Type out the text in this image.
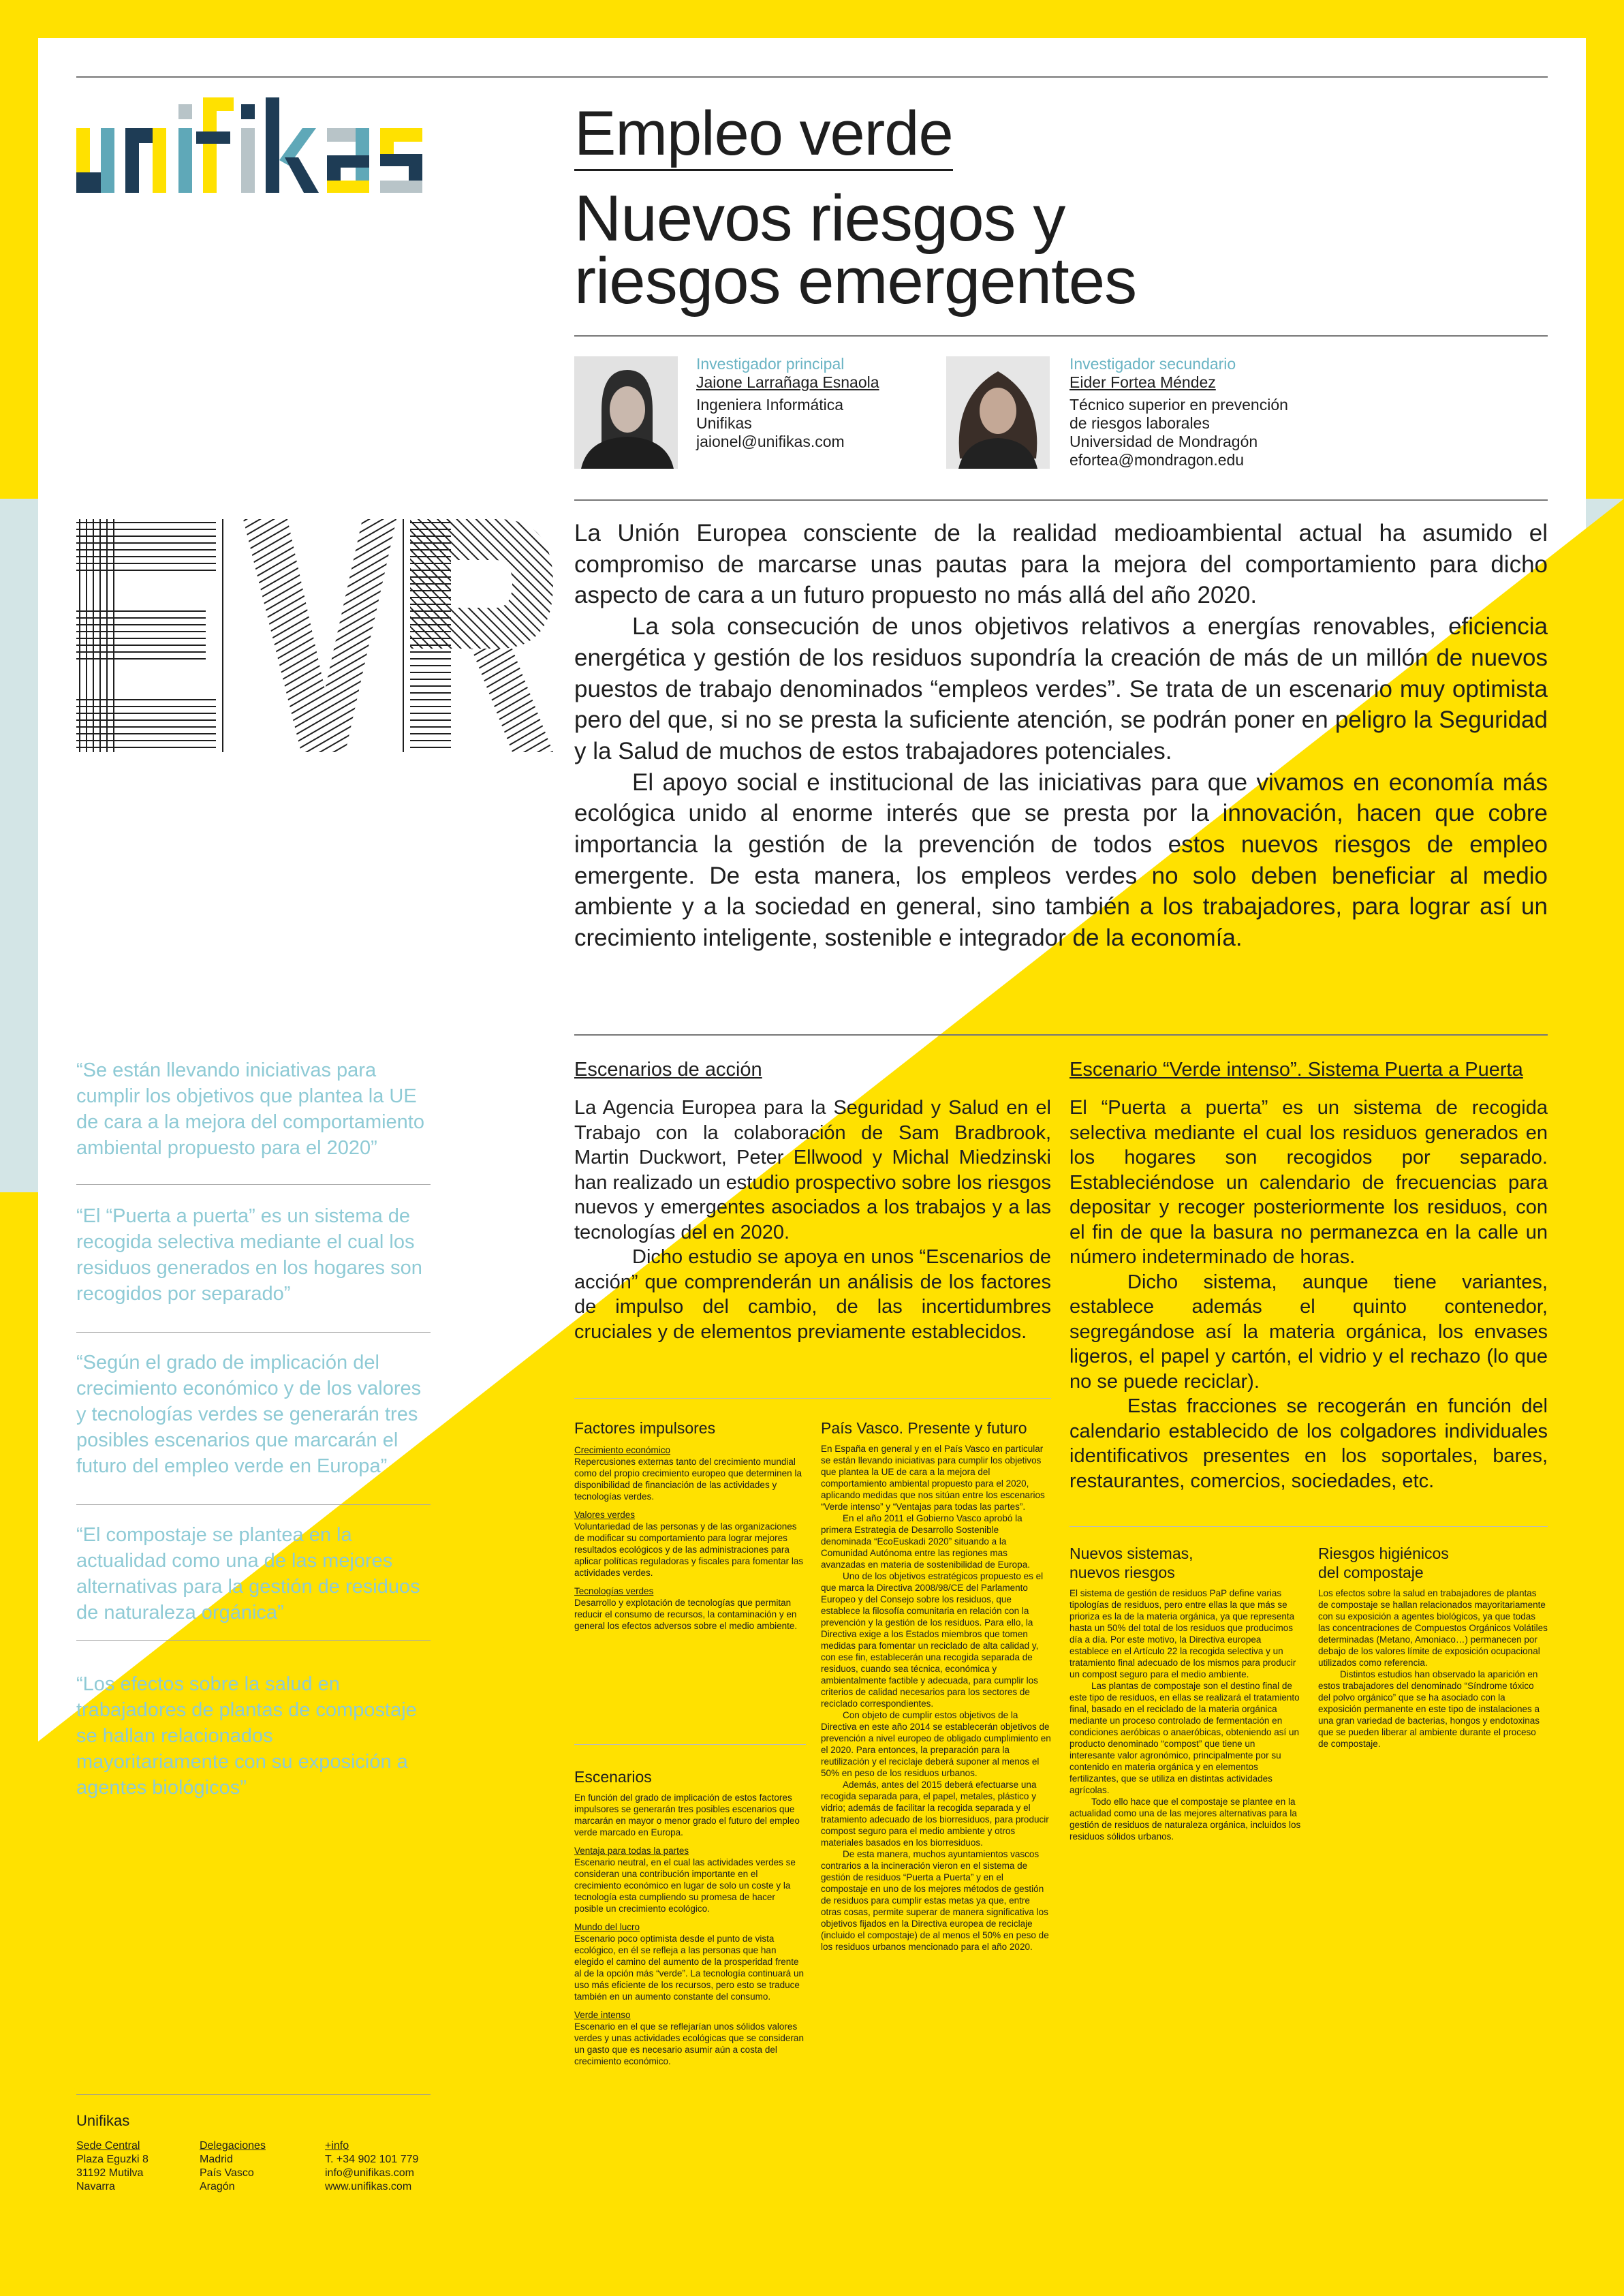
Empleo verde
Nuevos riesgos y
riesgos emergentes
Investigador principal
Jaione Larrañaga Esnaola
Ingeniera Informática
Unifikas
jaionel@unifikas.com
Investigador secundario
Eider Fortea Méndez
Técnico superior en prevención
de riesgos laborales
Universidad de Mondragón
efortea@mondragon.edu

La Unión Europea consciente de la realidad medioambiental actual ha asumido el compromiso de marcarse unas pautas para la mejora del comportamiento para dicho aspecto de cara a un futuro propuesto no más allá del año 2020.

La sola consecución de unos objetivos relativos a energías renovables, eficiencia energética y gestión de los residuos supondría la creación de más de un millón de nuevos puestos de trabajo denominados “empleos verdes”. Se trata de un escenario muy optimista pero del que, si no se presta la suficiente atención, se podrán poner en peligro la Seguridad y la Salud de muchos de estos trabajadores potenciales.

El apoyo social e institucional de las iniciativas para que vivamos en economía más ecológica unido al enorme interés que se presta por la innovación, hacen que cobre importancia la gestión de la prevención de todos estos nuevos riesgos de empleo emergente. De esta manera, los empleos verdes no solo deben beneficiar al medio ambiente y a la sociedad en general, sino también a los trabajadores, para lograr así un crecimiento inteligente, sostenible e integrador de la economía.

“Se están llevando iniciativas para cumplir los objetivos que plantea la UE de cara a la mejora del comportamiento ambiental propuesto para el 2020”
“El “Puerta a puerta” es un sistema de recogida selectiva mediante el cual los residuos generados en los hogares son recogidos por separado”
“Según el grado de implicación del crecimiento económico y de los valores y tecnologías verdes se generarán tres posibles escenarios que marcarán el futuro del empleo verde en Europa”
“El compostaje se plantea en la actualidad como una de las mejores alternativas para la gestión de residuos de naturaleza orgánica”
“Los efectos sobre la salud en trabajadores de plantas de compostaje se hallan relacionados mayoritariamente con su exposición a agentes biológicos”
Escenarios de acción

La Agencia Europea para la Seguridad y Salud en el Trabajo con la colaboración de Sam Bradbrook, Martin Duckwort, Peter Ellwood y Michal Miedzinski han realizado un estudio prospectivo sobre los riesgos nuevos y emergentes asociados a los trabajos y a las tecnologías del en 2020.

Dicho estudio se apoya en unos “Escenarios de acción” que comprenderán un análisis de los factores de impulso del cambio, de las incertidumbres cruciales y de elementos previamente establecidos.

Escenario “Verde intenso”. Sistema Puerta a Puerta

El “Puerta a puerta” es un sistema de recogida selectiva mediante el cual los residuos generados en los hogares son recogidos por separado. Estableciéndose un calendario de frecuencias para depositar y recoger posteriormente los residuos, con el fin de que la basura no permanezca en la calle un número indeterminado de horas.

Dicho sistema, aunque tiene variantes, establece además el quinto contenedor, segregándose así la materia orgánica, los envases ligeros, el papel y cartón, el vidrio y el rechazo (lo que no se puede reciclar).

Estas fracciones se recogerán en función del calendario establecido de los colgadores individuales identificativos presentes en los soportales, bares, restaurantes, comercios, sociedades, etc.

Factores impulsores
Crecimiento económico

Repercusiones externas tanto del crecimiento mundial como del propio crecimiento europeo que determinen la disponibilidad de financiación de las actividades y tecnologías verdes.

Valores verdes

Voluntariedad de las personas y de las organizaciones de modificar su comportamiento para lograr mejores resultados ecológicos y de las administraciones para aplicar políticas reguladoras y fiscales para fomentar las actividades verdes.

Tecnologías verdes

Desarrollo y explotación de tecnologías que permitan reducir el consumo de recursos, la contaminación y en general los efectos adversos sobre el medio ambiente.

Escenarios

En función del grado de implicación de estos factores impulsores se generarán tres posibles escenarios que marcarán en mayor o menor grado el futuro del empleo verde marcado en Europa.

Ventaja para todas la partes

Escenario neutral, en el cual las actividades verdes se consideran una contribución importante en el crecimiento económico en lugar de solo un coste y la tecnología esta cumpliendo su promesa de hacer posible un crecimiento ecológico.

Mundo del lucro

Escenario poco optimista desde el punto de vista ecológico, en él se refleja a las personas que han elegido el camino del aumento de la prosperidad frente al de la opción más “verde”. La tecnología continuará un uso más eficiente de los recursos, pero esto se traduce también en un aumento constante del consumo.

Verde intenso

Escenario en el que se reflejarían unos sólidos valores verdes y unas actividades ecológicas que se consideran un gasto que es necesario asumir aún a costa del crecimiento económico.

País Vasco. Presente y futuro

En España en general y en el País Vasco en particular se están llevando iniciativas para cumplir los objetivos que plantea la UE de cara a la mejora del comportamiento ambiental propuesto para el 2020, aplicando medidas que nos sitúan entre los escenarios “Verde intenso” y “Ventajas para todas las partes”.

En el año 2011 el Gobierno Vasco aprobó la primera Estrategia de Desarrollo Sostenible denominada “EcoEuskadi 2020” situando a la Comunidad Autónoma entre las regiones mas avanzadas en materia de sostenibilidad de Europa.

Uno de los objetivos estratégicos propuesto es el que marca la Directiva 2008/98/CE del Parlamento Europeo y del Consejo sobre los residuos, que establece la filosofía comunitaria en relación con la prevención y la gestión de los residuos. Para ello, la Directiva exige a los Estados miembros que tomen medidas para fomentar un reciclado de alta calidad y, con ese fin, establecerán una recogida separada de residuos, cuando sea técnica, económica y ambientalmente factible y adecuada, para cumplir los criterios de calidad necesarios para los sectores de reciclado correspondientes.

Con objeto de cumplir estos objetivos de la Directiva en este año 2014 se establecerán objetivos de prevención a nivel europeo de obligado cumplimiento en el 2020. Para entonces, la preparación para la reutilización y el reciclaje deberá suponer al menos el 50% en peso de los residuos urbanos.

Además, antes del 2015 deberá efectuarse una recogida separada para, el papel, metales, plástico y vidrio; además de facilitar la recogida separada y el tratamiento adecuado de los biorresiduos, para producir compost seguro para el medio ambiente y otros materiales basados en los biorresiduos.

De esta manera, muchos ayuntamientos vascos contrarios a la incineración vieron en el sistema de gestión de residuos “Puerta a Puerta” y en el compostaje en uno de los mejores métodos de gestión de residuos para cumplir estas metas ya que, entre otras cosas, permite superar de manera significativa los objetivos fijados en la Directiva europea de reciclaje (incluido el compostaje) de al menos el 50% en peso de los residuos urbanos mencionado para el año 2020.

Nuevos sistemas,
nuevos riesgos

El sistema de gestión de residuos PaP define varias tipologías de residuos, pero entre ellas la que más se prioriza es la de la materia orgánica, ya que representa hasta un 50% del total de los residuos que producimos día a día. Por este motivo, la Directiva europea establece en el Artículo 22 la recogida selectiva y un tratamiento final adecuado de los mismos para producir un compost seguro para el medio ambiente.

Las plantas de compostaje son el destino final de este tipo de residuos, en ellas se realizará el tratamiento final, basado en el reciclado de la materia orgánica mediante un proceso controlado de fermentación en condiciones aeróbicas o anaeróbicas, obteniendo así un producto denominado “compost” que tiene un interesante valor agronómico, principalmente por su contenido en materia orgánica y en elementos fertilizantes, que se utiliza en distintas actividades agrícolas.

Todo ello hace que el compostaje se plantee en la actualidad como una de las mejores alternativas para la gestión de residuos de naturaleza orgánica, incluidos los residuos sólidos urbanos.

Riesgos higiénicos
del compostaje

Los efectos sobre la salud en trabajadores de plantas de compostaje se hallan relacionados mayoritariamente con su exposición a agentes biológicos, ya que todas las concentraciones de Compuestos Orgánicos Volátiles determinadas (Metano, Amoniaco…) permanecen por debajo de los valores límite de exposición ocupacional utilizados como referencia.

Distintos estudios han observado la aparición en estos trabajadores del denominado “Síndrome tóxico del polvo orgánico” que se ha asociado con la exposición permanente en este tipo de instalaciones a una gran variedad de bacterias, hongos y endotoxinas que se pueden liberar al ambiente durante el proceso de compostaje.

Unifikas
Sede Central
Plaza Eguzki 8
31192 Mutilva
Navarra
Delegaciones
Madrid
País Vasco
Aragón
+info
T. +34 902 101 779
info@unifikas.com
www.unifikas.com
